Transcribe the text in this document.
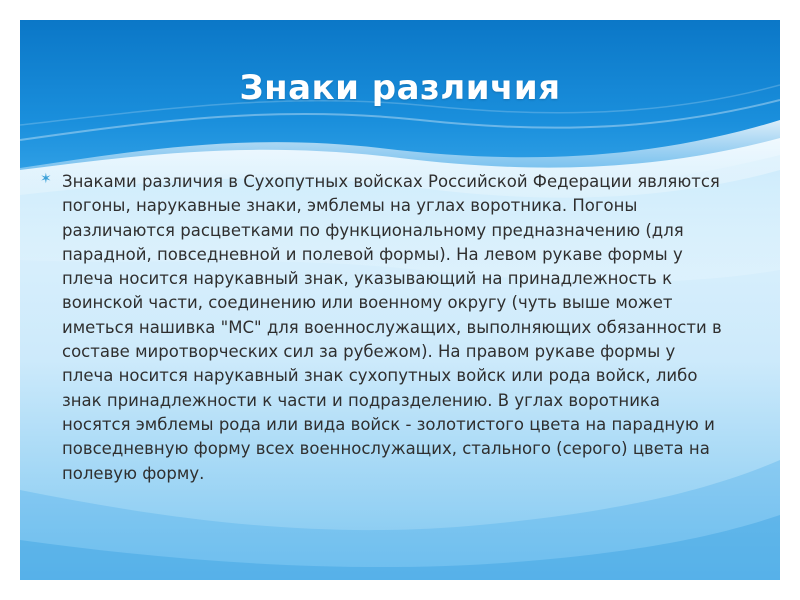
Знаки различия
✶ Знаками различия в Сухопутных войсках Российской Федерации являются погоны, нарукавные знаки, эмблемы на углах воротника. Погоны различаются расцветками по функциональному предназначению (для парадной, повседневной и полевой формы). На левом рукаве формы у плеча носится нарукавный знак, указывающий на принадлежность к воинской части, соединению или военному округу (чуть выше может иметься нашивка "МС" для военнослужащих, выполняющих обязанности в составе миротворческих сил за рубежом). На правом рукаве формы у плеча носится нарукавный знак сухопутных войск или рода войск, либо знак принадлежности к части и подразделению. В углах воротника носятся эмблемы рода или вида войск - золотистого цвета на парадную и повседневную форму всех военнослужащих, стального (серого) цвета на полевую форму.
